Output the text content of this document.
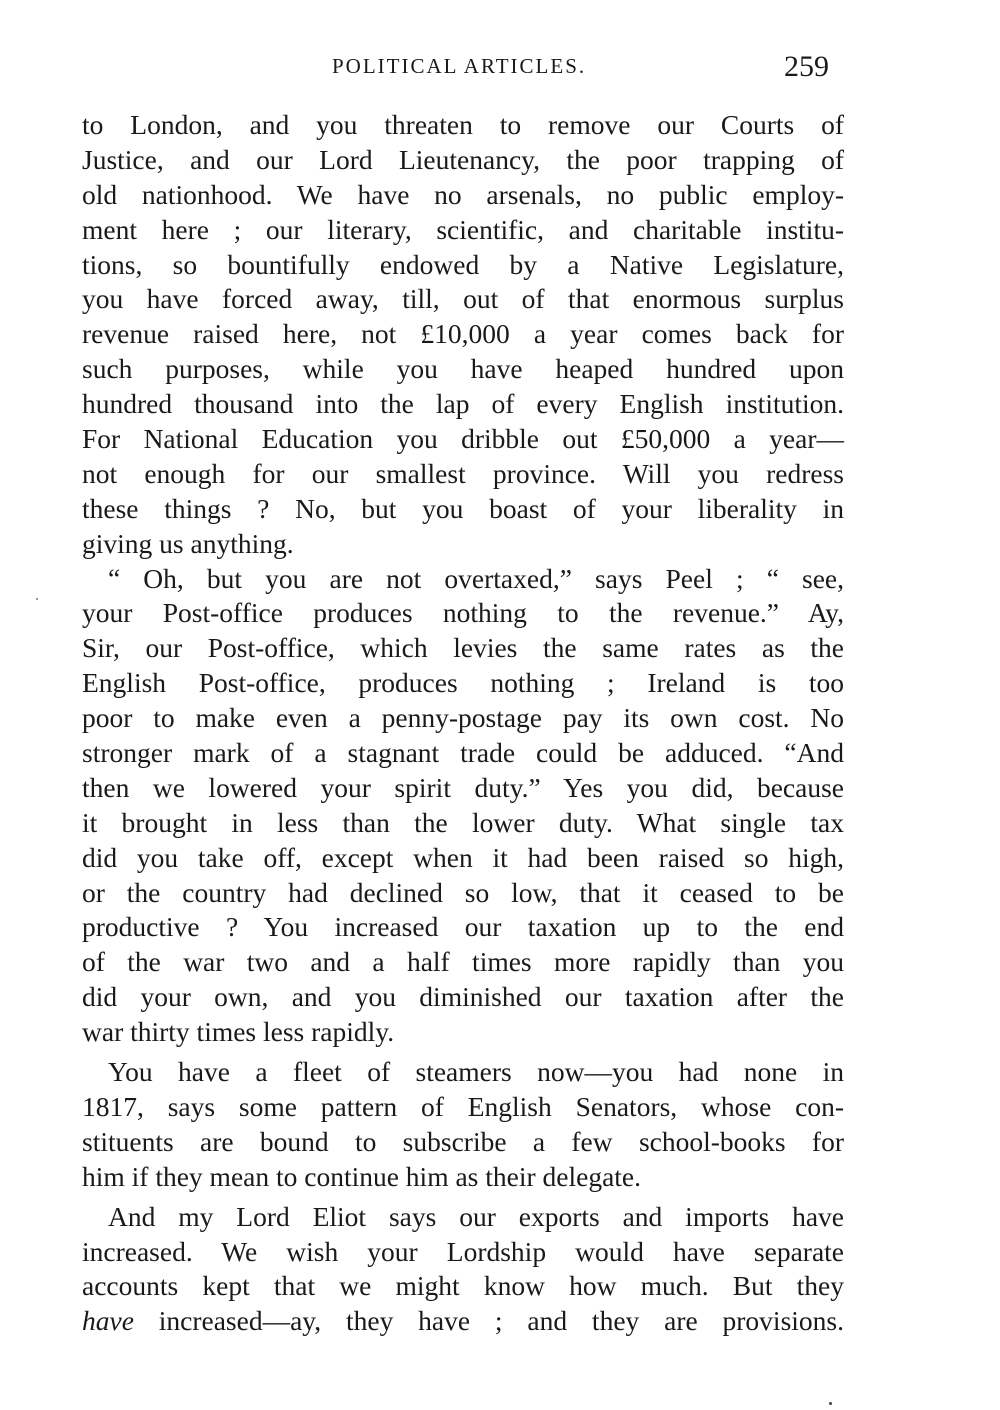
POLITICAL ARTICLES.	259
to London, and you threaten to remove our Courts of
Justice, and our Lord Lieutenancy, the poor trapping of
old nationhood. We have no arsenals, no public employ-
ment here ; our literary, scientific, and charitable institu-
tions, so bountifully endowed by a Native Legislature,
you have forced away, till, out of that enormous surplus
revenue raised here, not £10,000 a year comes back for
such purposes, while you have heaped hundred upon
hundred thousand into the lap of every English institution.
For National Education you dribble out £50,000 a year—
not enough for our smallest province. Will you redress
these things ? No, but you boast of your liberality in
giving us anything.
“ Oh, but you are not overtaxed,” says Peel ; “ see,
your Post-office produces nothing to the revenue.” Ay,
Sir, our Post-office, which levies the same rates as the
English Post-office, produces nothing ; Ireland is too
poor to make even a penny-postage pay its own cost. No
stronger mark of a stagnant trade could be adduced. “And
then we lowered your spirit duty.” Yes you did, because
it brought in less than the lower duty. What single tax
did you take off, except when it had been raised so high,
or the country had declined so low, that it ceased to be
productive ? You increased our taxation up to the end
of the war two and a half times more rapidly than you
did your own, and you diminished our taxation after the
war thirty times less rapidly.
You have a fleet of steamers now—you had none in
1817, says some pattern of English Senators, whose con-
stituents are bound to subscribe a few school-books for
him if they mean to continue him as their delegate.
And my Lord Eliot says our exports and imports have
increased. We wish your Lordship would have separate
accounts kept that we might know how much. But they
have increased—ay, they have ; and they are provisions.
